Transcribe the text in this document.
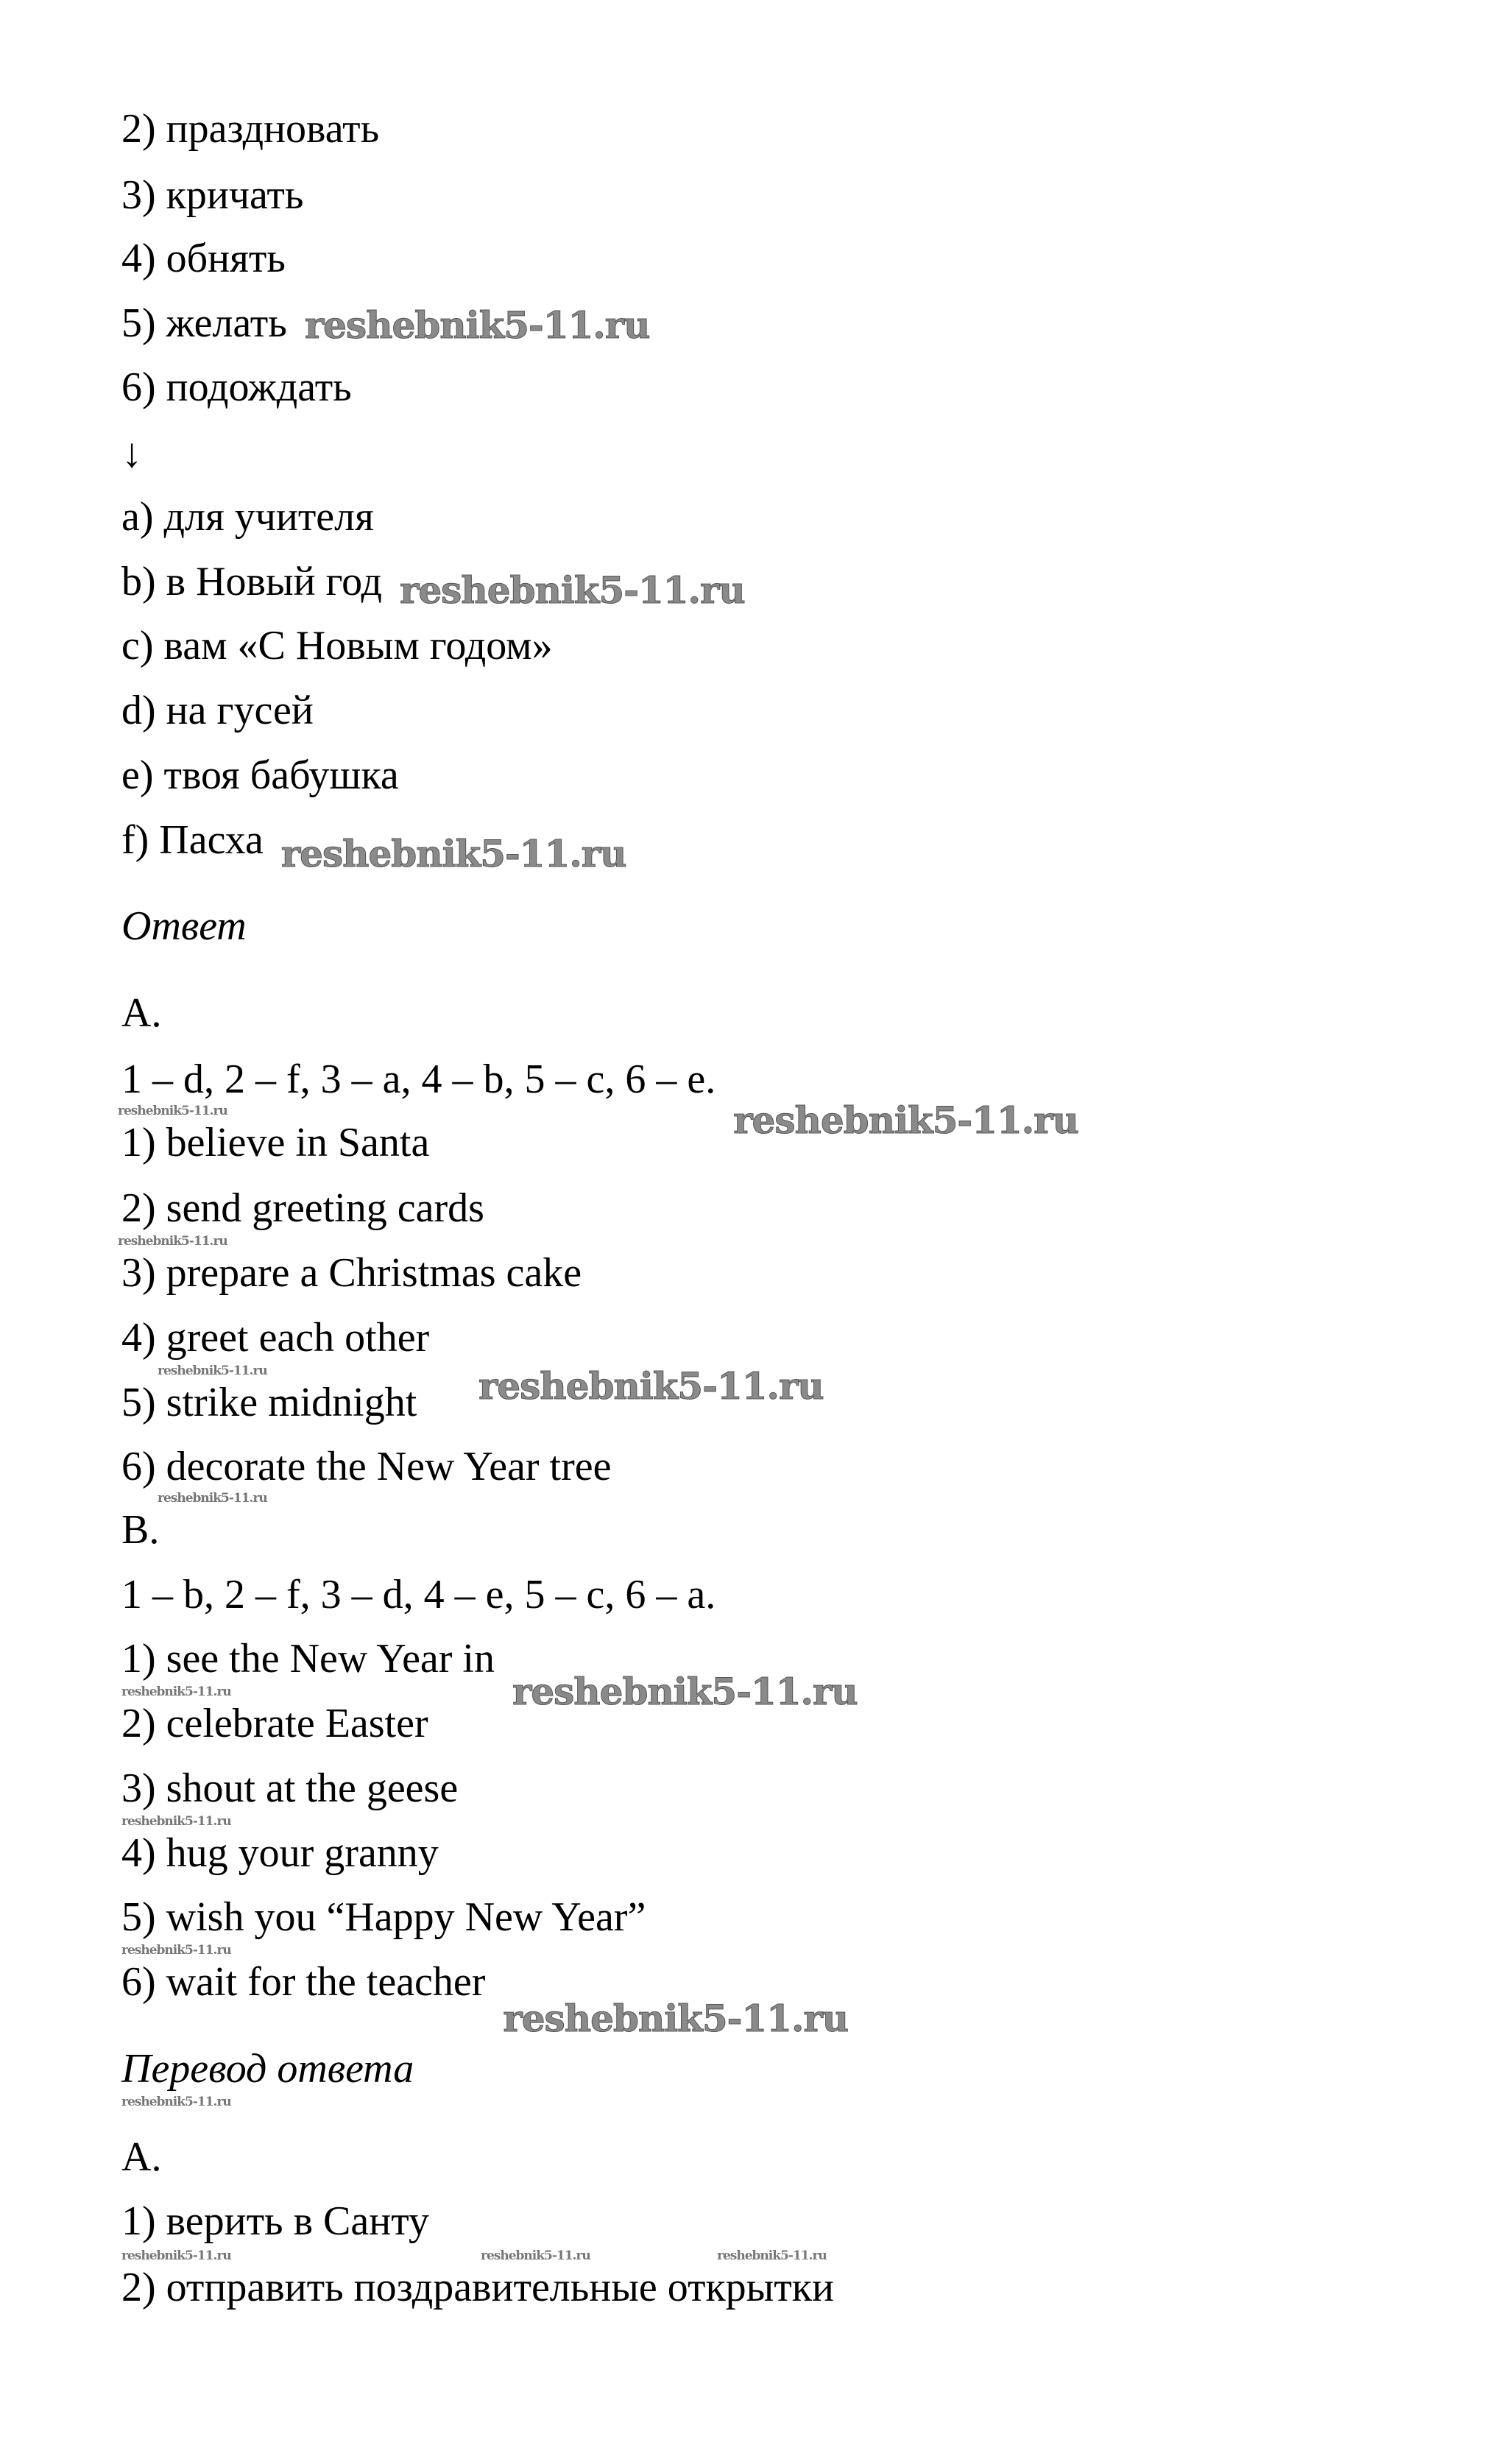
2) праздновать
3) кричать
4) обнять
5) желать
6) подождать
↓
a) для учителя
b) в Новый год
c) вам «С Новым годом»
d) на гусей
e) твоя бабушка
f) Пасха
Ответ
A.
1 – d, 2 – f, 3 – a, 4 – b, 5 – c, 6 – e.
1) believe in Santa
2) send greeting cards
3) prepare a Christmas cake
4) greet each other
5) strike midnight
6) decorate the New Year tree
B.
1 – b, 2 – f, 3 – d, 4 – e, 5 – c, 6 – a.
1) see the New Year in
2) celebrate Easter
3) shout at the geese
4) hug your granny
5) wish you “Happy New Year”
6) wait for the teacher
Перевод ответа
A.
1) верить в Санту
2) отправить поздравительные открытки
reshebnik5-11.ru
reshebnik5-11.ru
reshebnik5-11.ru
reshebnik5-11.ru
reshebnik5-11.ru
reshebnik5-11.ru
reshebnik5-11.ru
reshebnik5-11.ru
reshebnik5-11.ru
reshebnik5-11.ru
reshebnik5-11.ru
reshebnik5-11.ru
reshebnik5-11.ru
reshebnik5-11.ru
reshebnik5-11.ru
reshebnik5-11.ru	reshebnik5-11.ru	reshebnik5-11.ru
